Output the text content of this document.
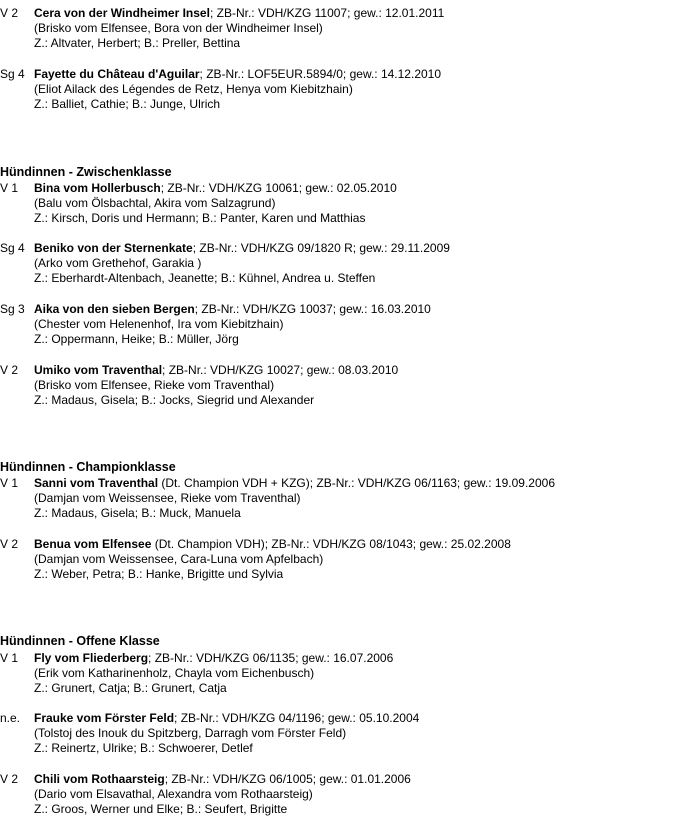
V 2 Cera von der Windheimer Insel; ZB-Nr.: VDH/KZG 11007; gew.: 12.01.2011
(Brisko vom Elfensee, Bora von der Windheimer Insel)
Z.: Altvater, Herbert; B.: Preller, Bettina
Sg 4 Fayette du Château d'Aguilar; ZB-Nr.: LOF5EUR.5894/0; gew.: 14.12.2010
(Eliot Ailack des Légendes de Retz, Henya vom Kiebitzhain)
Z.: Balliet, Cathie; B.: Junge, Ulrich
Hündinnen - Zwischenklasse
V 1 Bina vom Hollerbusch; ZB-Nr.: VDH/KZG 10061; gew.: 02.05.2010
(Balu vom Ölsbachtal, Akira vom Salzagrund)
Z.: Kirsch, Doris und Hermann; B.: Panter, Karen und Matthias
Sg 4 Beniko von der Sternenkate; ZB-Nr.: VDH/KZG 09/1820 R; gew.: 29.11.2009
(Arko vom Grethehof, Garakia )
Z.: Eberhardt-Altenbach, Jeanette; B.: Kühnel, Andrea u. Steffen
Sg 3 Aika von den sieben Bergen; ZB-Nr.: VDH/KZG 10037; gew.: 16.03.2010
(Chester vom Helenenhof, Ira vom Kiebitzhain)
Z.: Oppermann, Heike; B.: Müller, Jörg
V 2 Umiko vom Traventhal; ZB-Nr.: VDH/KZG 10027; gew.: 08.03.2010
(Brisko vom Elfensee, Rieke vom Traventhal)
Z.: Madaus, Gisela; B.: Jocks, Siegrid und Alexander
Hündinnen - Championklasse
V 1 Sanni vom Traventhal (Dt. Champion VDH + KZG); ZB-Nr.: VDH/KZG 06/1163; gew.: 19.09.2006
(Damjan vom Weissensee, Rieke vom Traventhal)
Z.: Madaus, Gisela; B.: Muck, Manuela
V 2 Benua vom Elfensee (Dt. Champion VDH); ZB-Nr.: VDH/KZG 08/1043; gew.: 25.02.2008
(Damjan vom Weissensee, Cara-Luna vom Apfelbach)
Z.: Weber, Petra; B.: Hanke, Brigitte und Sylvia
Hündinnen - Offene Klasse
V 1 Fly vom Fliederberg; ZB-Nr.: VDH/KZG 06/1135; gew.: 16.07.2006
(Erik vom Katharinenholz, Chayla vom Eichenbusch)
Z.: Grunert, Catja; B.: Grunert, Catja
n.e. Frauke vom Förster Feld; ZB-Nr.: VDH/KZG 04/1196; gew.: 05.10.2004
(Tolstoj des Inouk du Spitzberg, Darragh vom Förster Feld)
Z.: Reinertz, Ulrike; B.: Schwoerer, Detlef
V 2 Chili vom Rothaarsteig; ZB-Nr.: VDH/KZG 06/1005; gew.: 01.01.2006
(Dario vom Elsavathal, Alexandra vom Rothaarsteig)
Z.: Groos, Werner und Elke; B.: Seufert, Brigitte
